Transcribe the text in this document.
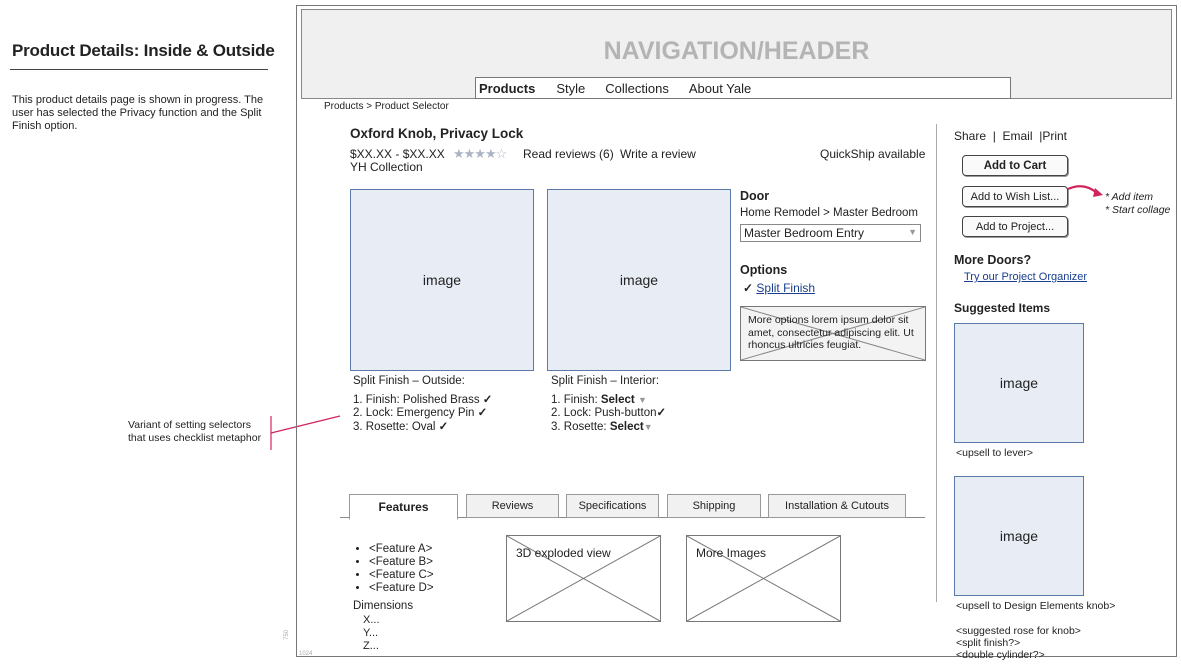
Product Details: Inside & Outside
This product details page is shown in progress. The user has selected the Privacy function and the Split Finish option.
Variant of setting selectors
that uses checklist metaphor
750
1024
NAVIGATION/HEADER
Products Style Collections About Yale
Products > Product Selector
Oxford Knob, Privacy Lock
$XX.XX - $XX.XX ★★★★☆ Read reviews (6) Write a review
YH Collection
QuickShip available
image	image
Split Finish – Outside:
1. Finish: Polished Brass ✓
2. Lock: Emergency Pin ✓
3. Rosette: Oval ✓
Split Finish – Interior:
1. Finish: Select ▼
2. Lock: Push-button✓
3. Rosette: Select▼
Door
Home Remodel > Master Bedroom
Master Bedroom Entry	▼
Options
✓ Split Finish
More options lorem ipsum dolor sit amet, consectetur adipiscing elit. Ut rhoncus ultricies feugiat.
Features	Reviews	Specifications	Shipping	Installation & Cutouts
• <Feature A>
• <Feature B>
• <Feature C>
• <Feature D>
Dimensions
X...
Y...
Z...
3D exploded view	More Images
Share | Email |Print
Add to Cart
Add to Wish List...
Add to Project...
* Add item
* Start collage
More Doors?
Try our Project Organizer
Suggested Items
image
<upsell to lever>
image
<upsell to Design Elements knob>
<suggested rose for knob>
<split finish?>
<double cylinder?>
